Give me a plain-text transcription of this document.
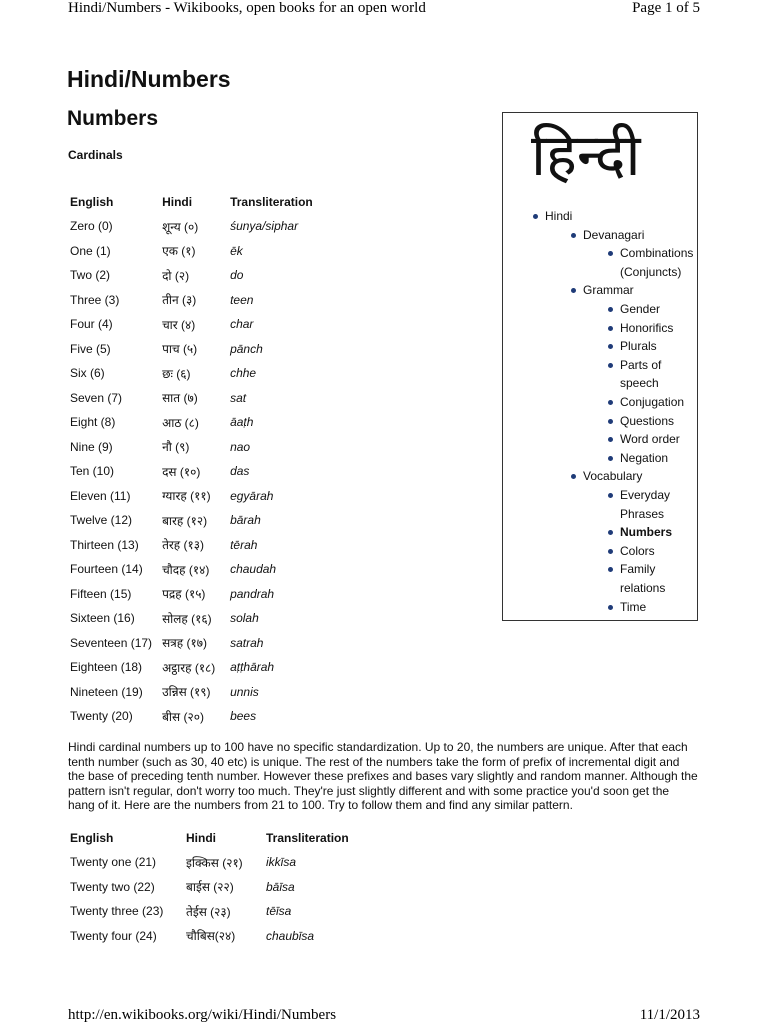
Hindi/Numbers - Wikibooks, open books for an open world	Page 1 of 5
Hindi/Numbers
Numbers
Cardinals
English	Hindi	Transliteration
Zero (0)	शून्य (०)	śunya/siphar
One (1)	एक (१)	ēk
Two (2)	दो (२)	do
Three (3)	तीन (३)	teen
Four (4)	चार (४)	char
Five (5)	पाच (५)	pānch
Six (6)	छः (६)	chhe
Seven (7)	सात (७)	sat
Eight (8)	आठ (८)	āaṭh
Nine (9)	नौ (९)	nao
Ten (10)	दस (१०)	das
Eleven (11)	ग्यारह (११)	egyārah
Twelve (12)	बारह (१२)	bārah
Thirteen (13)	तेरह (१३)	tērah
Fourteen (14)	चौदह (१४)	chaudah
Fifteen (15)	पद्रह (१५)	pandrah
Sixteen (16)	सोलह (१६)	solah
Seventeen (17)	सत्रह (१७)	satrah
Eighteen (18)	अट्ठारह (१८)	aṭṭhārah
Nineteen (19)	उन्निस (१९)	unnis
Twenty (20)	बीस (२०)	bees

Hindi cardinal numbers up to 100 have no specific standardization. Up to 20, the numbers are unique. After that each tenth number (such as 30, 40 etc) is unique. The rest of the numbers take the form of prefix of incremental digit and the base of preceding tenth number. However these prefixes and bases vary slightly and random manner. Although the pattern isn't regular, don't worry too much. They're just slightly different and with some practice you'd soon get the hang of it. Here are the numbers from 21 to 100. Try to follow them and find any similar pattern.

English	Hindi	Transliteration
Twenty one (21)	इक्किस (२१)	ikkīsa
Twenty two (22)	बाईस (२२)	bāīsa
Twenty three (23)	तेईस (२३)	tēīsa
Twenty four (24)	चौबिस(२४)	chaubīsa
हिन्दी
Hindi
Devanagari
Combinations (Conjuncts)
Grammar
Gender
Honorifics
Plurals
Parts of speech
Conjugation
Questions
Word order
Negation
Vocabulary
Everyday Phrases
Numbers
Colors
Family relations
Time
http://en.wikibooks.org/wiki/Hindi/Numbers	11/1/2013
